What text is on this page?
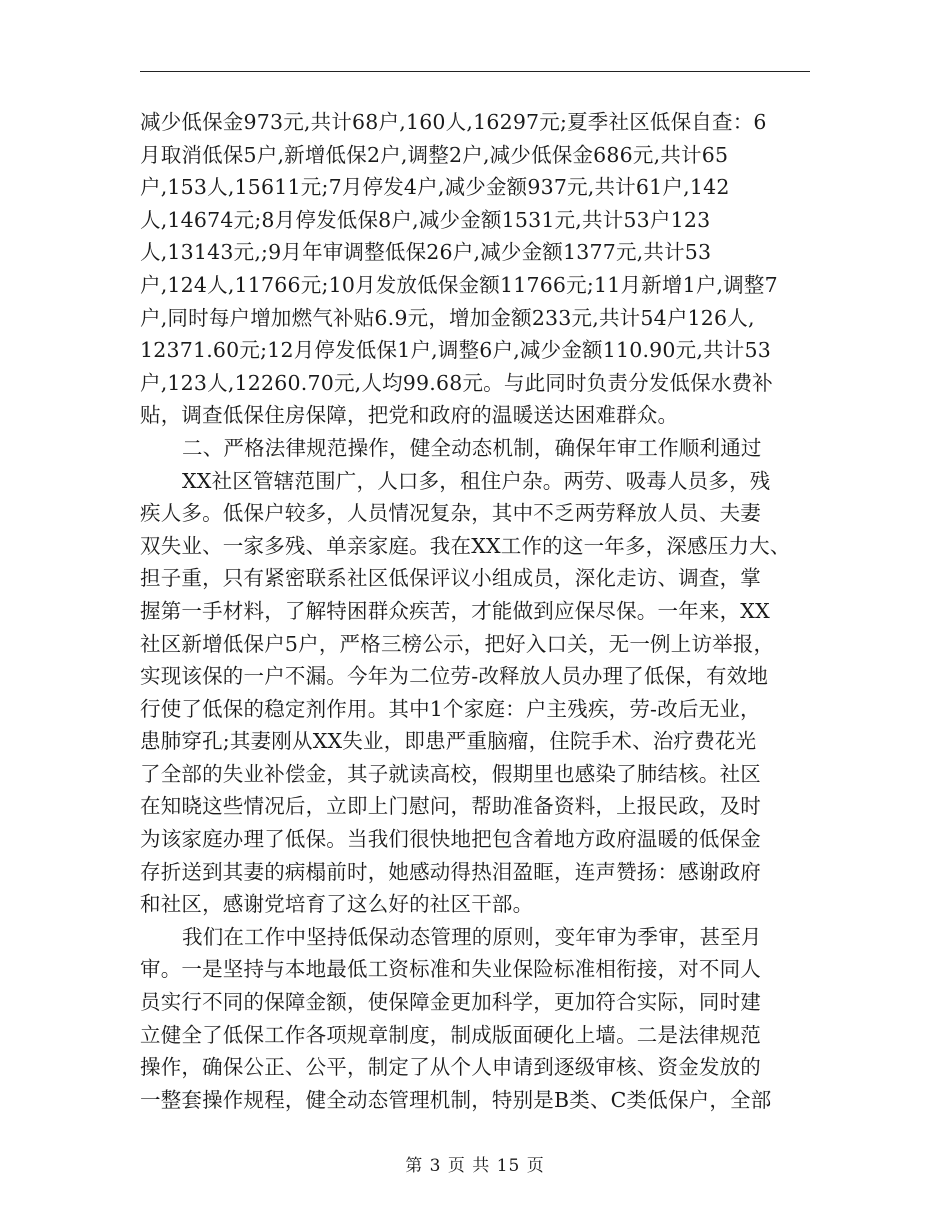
减少低保金973元,共计68户,160人,16297元;夏季社区低保自查：6
月取消低保5户,新增低保2户,调整2户,减少低保金686元,共计65
户,153人,15611元;7月停发4户,减少金额937元,共计61户,142
人,14674元;8月停发低保8户,减少金额1531元,共计53户123
人,13143元,;9月年审调整低保26户,减少金额1377元,共计53
户,124人,11766元;10月发放低保金额11766元;11月新增1户,调整7
户,同时每户增加燃气补贴6.9元，增加金额233元,共计54户126人,
12371.60元;12月停发低保1户,调整6户,减少金额110.90元,共计53
户,123人,12260.70元,人均99.68元。与此同时负责分发低保水费补
贴，调查低保住房保障，把党和政府的温暖送达困难群众。
二、严格法律规范操作，健全动态机制，确保年审工作顺利通过
XX社区管辖范围广，人口多，租住户杂。两劳、吸毒人员多，残
疾人多。低保户较多，人员情况复杂，其中不乏两劳释放人员、夫妻
双失业、一家多残、单亲家庭。我在XX工作的这一年多，深感压力大、
担子重，只有紧密联系社区低保评议小组成员，深化走访、调查，掌
握第一手材料，了解特困群众疾苦，才能做到应保尽保。一年来，XX
社区新增低保户5户，严格三榜公示，把好入口关，无一例上访举报，
实现该保的一户不漏。今年为二位劳-改释放人员办理了低保，有效地
行使了低保的稳定剂作用。其中1个家庭：户主残疾，劳-改后无业，
患肺穿孔;其妻刚从XX失业，即患严重脑瘤，住院手术、治疗费花光
了全部的失业补偿金，其子就读高校，假期里也感染了肺结核。社区
在知晓这些情况后，立即上门慰问，帮助准备资料，上报民政，及时
为该家庭办理了低保。当我们很快地把包含着地方政府温暖的低保金
存折送到其妻的病榻前时，她感动得热泪盈眶，连声赞扬：感谢政府
和社区，感谢党培育了这么好的社区干部。
我们在工作中坚持低保动态管理的原则，变年审为季审，甚至月
审。一是坚持与本地最低工资标准和失业保险标准相衔接，对不同人
员实行不同的保障金额，使保障金更加科学，更加符合实际，同时建
立健全了低保工作各项规章制度，制成版面硬化上墙。二是法律规范
操作，确保公正、公平，制定了从个人申请到逐级审核、资金发放的
一整套操作规程，健全动态管理机制，特别是B类、C类低保户，全部
第 3 页 共 15 页
